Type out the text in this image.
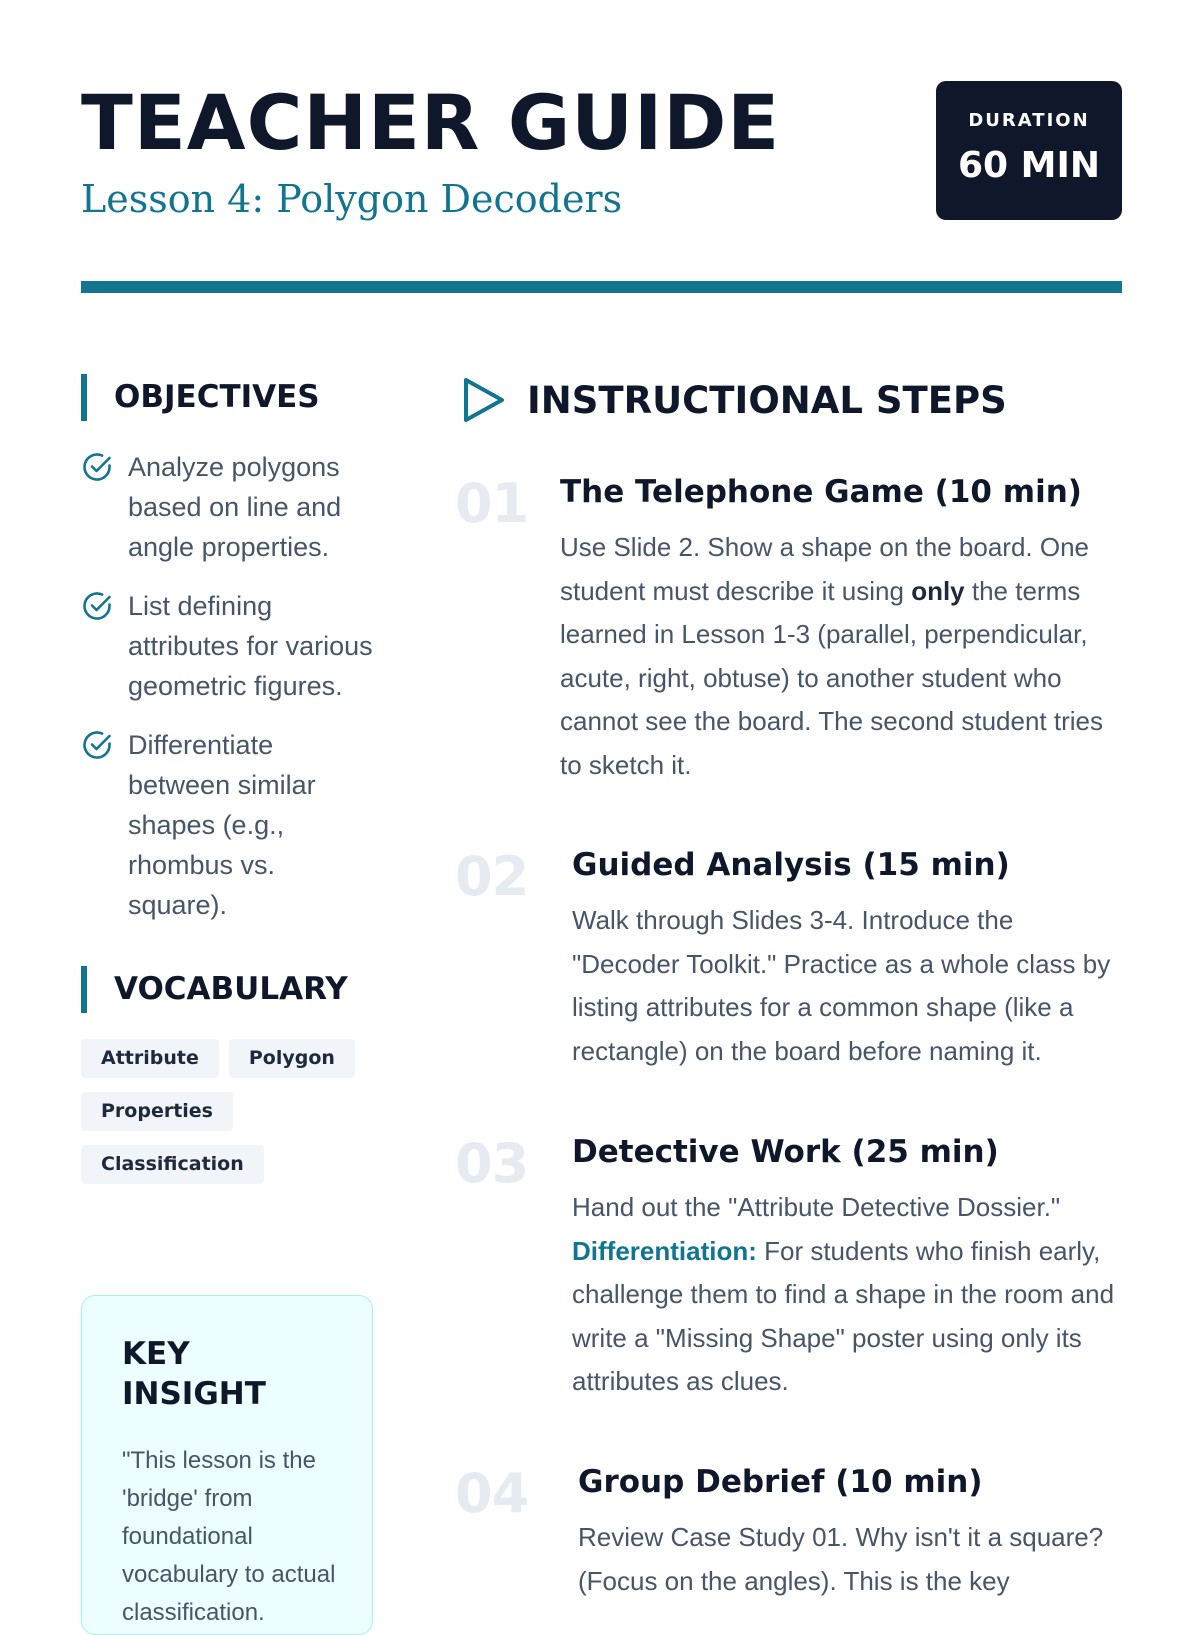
TEACHER GUIDE
Lesson 4: Polygon Decoders
DURATION
60 MIN
OBJECTIVES
Analyze polygons based on line and angle properties.
List defining attributes for various geometric figures.
Differentiate between similar shapes (e.g., rhombus vs. square).
VOCABULARY
Attribute	Polygon
Properties
Classification
KEY INSIGHT

"This lesson is the 'bridge' from foundational vocabulary to actual classification.

INSTRUCTIONAL STEPS
01 The Telephone Game (10 min)

Use Slide 2. Show a shape on the board. One student must describe it using only the terms learned in Lesson 1-3 (parallel, perpendicular, acute, right, obtuse) to another student who cannot see the board. The second student tries to sketch it.

02 Guided Analysis (15 min)

Walk through Slides 3-4. Introduce the "Decoder Toolkit." Practice as a whole class by listing attributes for a common shape (like a rectangle) on the board before naming it.

03 Detective Work (25 min)

Hand out the "Attribute Detective Dossier."
Differentiation: For students who finish early, challenge them to find a shape in the room and write a "Missing Shape" poster using only its attributes as clues.

04 Group Debrief (10 min)

Review Case Study 01. Why isn't it a square? (Focus on the angles). This is the key
